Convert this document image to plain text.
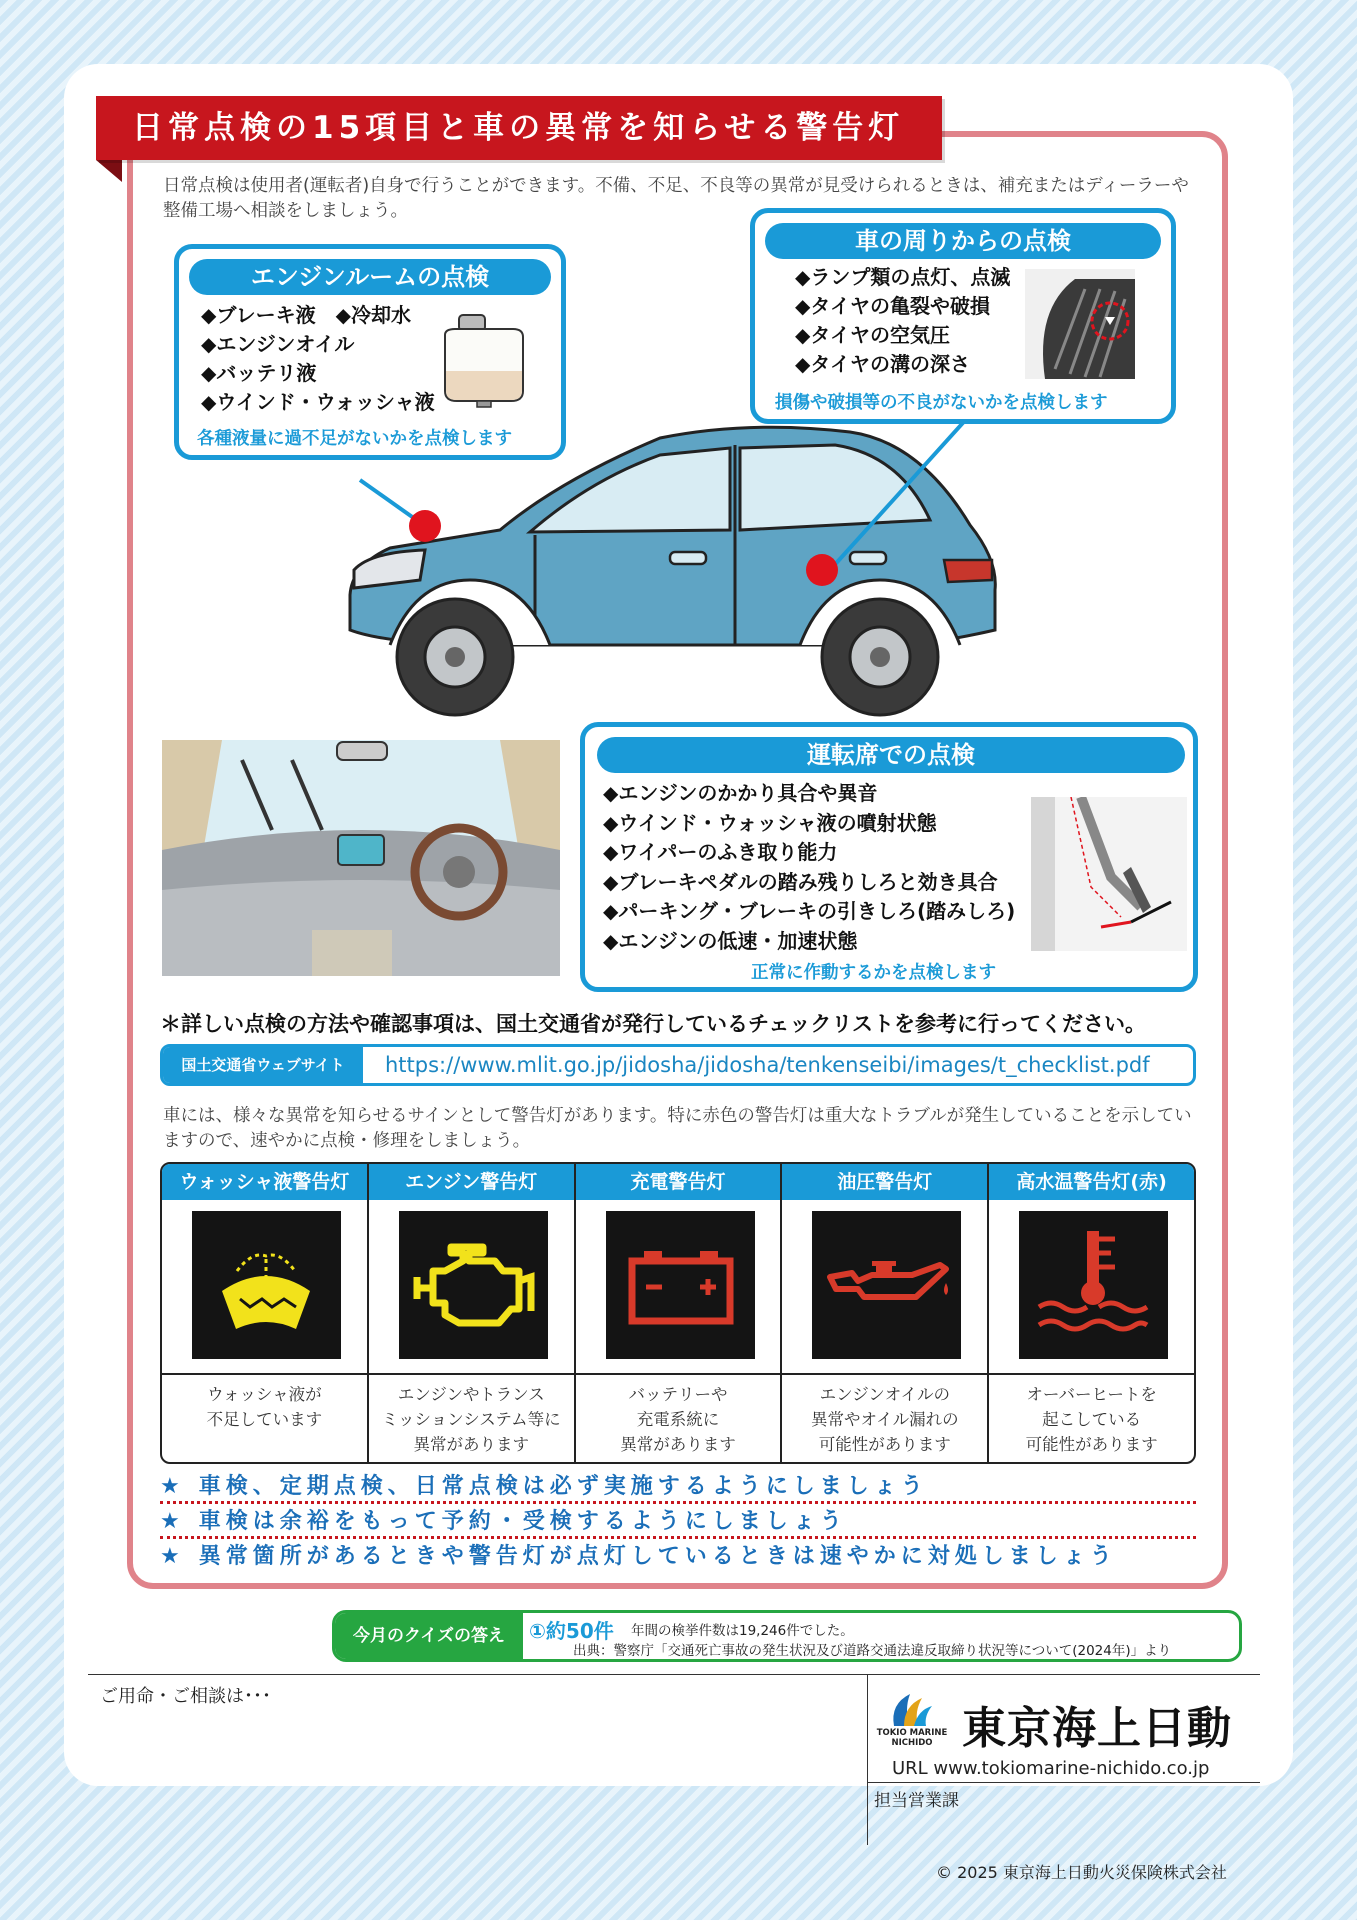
日常点検の15項目と車の異常を知らせる警告灯

日常点検は使用者(運転者)自身で行うことができます。不備、不足、不良等の異常が見受けられるときは、補充またはディーラーや整備工場へ相談をしましょう。

エンジンルームの点検
◆ブレーキ液　◆冷却水
◆エンジンオイル
◆バッテリ液
◆ウインド・ウォッシャ液
各種液量に過不足がないかを点検します
車の周りからの点検
◆ランプ類の点灯、点滅
◆タイヤの亀裂や破損
◆タイヤの空気圧
◆タイヤの溝の深さ
損傷や破損等の不良がないかを点検します
運転席での点検
◆エンジンのかかり具合や異音
◆ウインド・ウォッシャ液の噴射状態
◆ワイパーのふき取り能力
◆ブレーキペダルの踏み残りしろと効き具合
◆パーキング・ブレーキの引きしろ(踏みしろ)
◆エンジンの低速・加速状態
正常に作動するかを点検します
＊詳しい点検の方法や確認事項は、国土交通省が発行しているチェックリストを参考に行ってください。
国土交通省ウェブサイト	https://www.mlit.go.jp/jidosha/jidosha/tenkenseibi/images/t_checklist.pdf

車には、様々な異常を知らせるサインとして警告灯があります。特に赤色の警告灯は重大なトラブルが発生していることを示していますので、速やかに点検・修理をしましょう。

ウォッシャ液警告灯
ウォッシャ液が
不足しています
エンジン警告灯
エンジンやトランス
ミッションシステム等に
異常があります
充電警告灯
バッテリーや
充電系統に
異常があります
油圧警告灯
エンジンオイルの
異常やオイル漏れの
可能性があります
高水温警告灯(赤)
オーバーヒートを
起こしている
可能性があります
★ 車検、定期点検、日常点検は必ず実施するようにしましょう
★ 車検は余裕をもって予約・受検するようにしましょう
★ 異常箇所があるときや警告灯が点灯しているときは速やかに対処しましょう
今月のクイズの答え	①約50件 年間の検挙件数は19,246件でした。
出典：警察庁「交通死亡事故の発生状況及び道路交通法違反取締り状況等について(2024年)」より
ご用命・ご相談は･･･
TOKIO MARINE
NICHIDO 東京海上日動
URL www.tokiomarine-nichido.co.jp
担当営業課
© 2025 東京海上日動火災保険株式会社
